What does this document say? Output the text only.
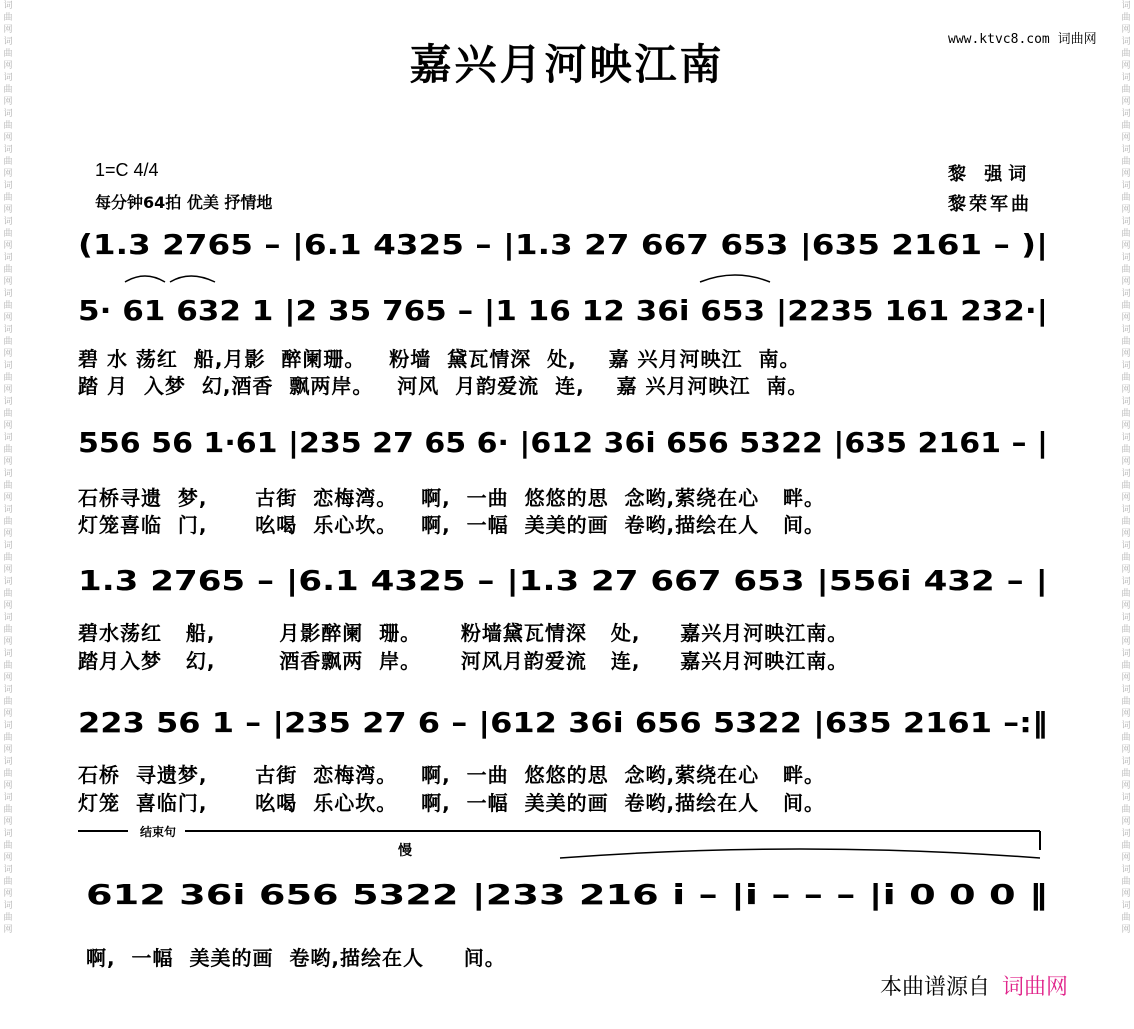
词曲网词曲网词曲网词曲网词曲网词曲网词曲网词曲网词曲网词曲网词曲网词曲网词曲网词曲网词曲网词曲网词曲网词曲网词曲网词曲网词曲网词曲网词曲网词曲网词曲网词曲网
词曲网词曲网词曲网词曲网词曲网词曲网词曲网词曲网词曲网词曲网词曲网词曲网词曲网词曲网词曲网词曲网词曲网词曲网词曲网词曲网词曲网词曲网词曲网词曲网词曲网词曲网
www.ktvc8.com 词曲网
嘉兴月河映江南
1=C 4/4
每分钟64拍 优美 抒情地
黎 强词
黎荣军曲
(1.3 2765 – |6.1 4325 – |1.3 27 667 653 |635 2161 – )|
5· 61 632 1 |2 35 765 – |1 16 12 36i 653 |2235 161 232·|
556 56 1·61 |235 27 65 6· |612 36i 656 5322 |635 2161 – |
1.3 2765 – |6.1 4325 – |1.3 27 667 653 |556i 432 – |
223 56 1 – |235 27 6 – |612 36i 656 5322 |635 2161 –:‖
结束句
慢
612 36i 656 5322 |233 216 i – |i – – – |i 0 0 0 ‖
碧 水 荡红  船,月影  醉阑珊。   粉墙  黛瓦情深  处,    嘉 兴月河映江  南。
踏 月  入梦  幻,酒香  飘两岸。   河风  月韵爱流  连,    嘉 兴月河映江  南。
石桥寻遗  梦,      古街  恋梅湾。   啊,  一曲  悠悠的思  念哟,萦绕在心   畔。
灯笼喜临  门,      吆喝  乐心坎。   啊,  一幅  美美的画  卷哟,描绘在人   间。
碧水荡红   船,        月影醉阑  珊。     粉墙黛瓦情深   处,     嘉兴月河映江南。
踏月入梦   幻,        酒香飘两  岸。     河风月韵爱流   连,     嘉兴月河映江南。
石桥  寻遗梦,      古街  恋梅湾。   啊,  一曲  悠悠的思  念哟,萦绕在心   畔。
灯笼  喜临门,      吆喝  乐心坎。   啊,  一幅  美美的画  卷哟,描绘在人   间。
啊,  一幅  美美的画  卷哟,描绘在人     间。
本曲谱源自 词曲网
